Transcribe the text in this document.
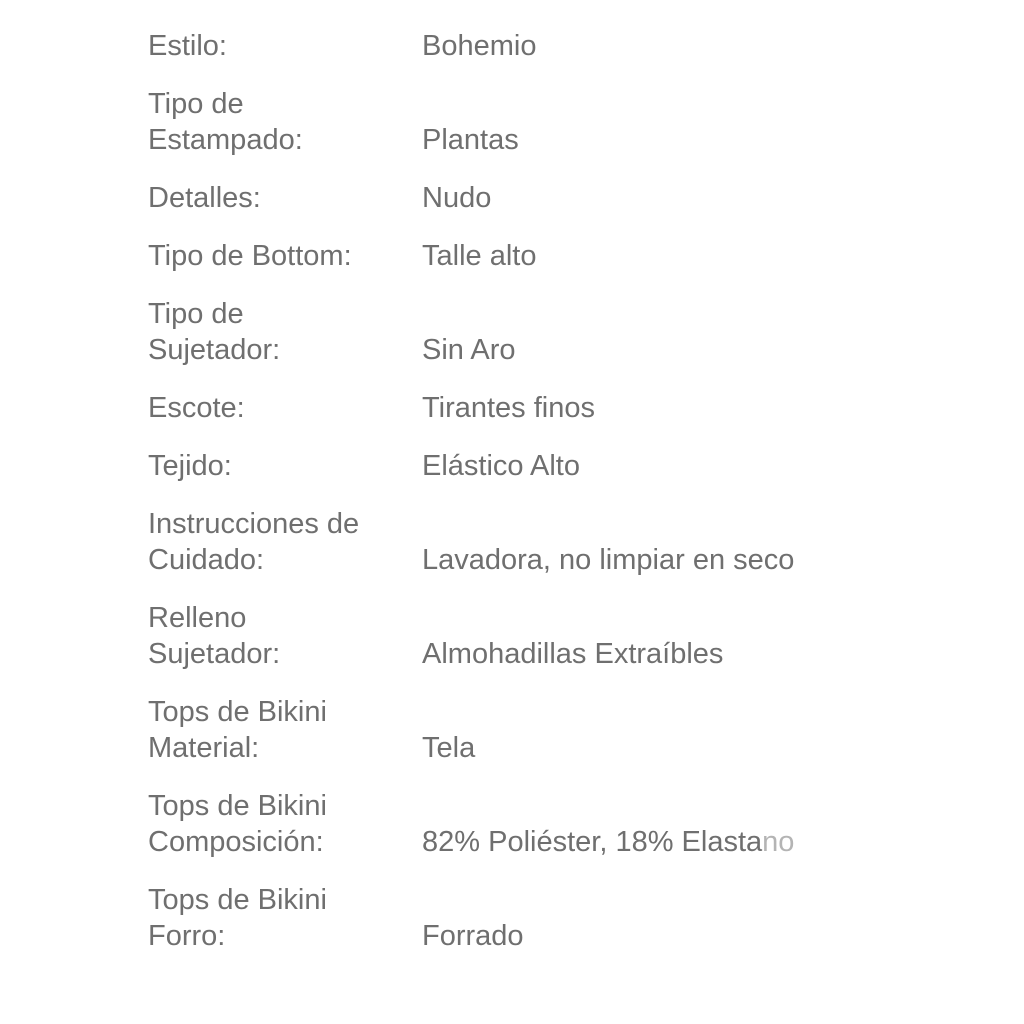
Estilo:	Bohemio
Tipo de
Estampado:	Plantas
Detalles:	Nudo
Tipo de Bottom:	Talle alto
Tipo de
Sujetador:	Sin Aro
Escote:	Tirantes finos
Tejido:	Elástico Alto
Instrucciones de
Cuidado:	Lavadora, no limpiar en seco
Relleno
Sujetador:	Almohadillas Extraíbles
Tops de Bikini
Material:	Tela
Tops de Bikini
Composición:	82% Poliéster, 18% Elastano
Tops de Bikini
Forro:	Forrado
